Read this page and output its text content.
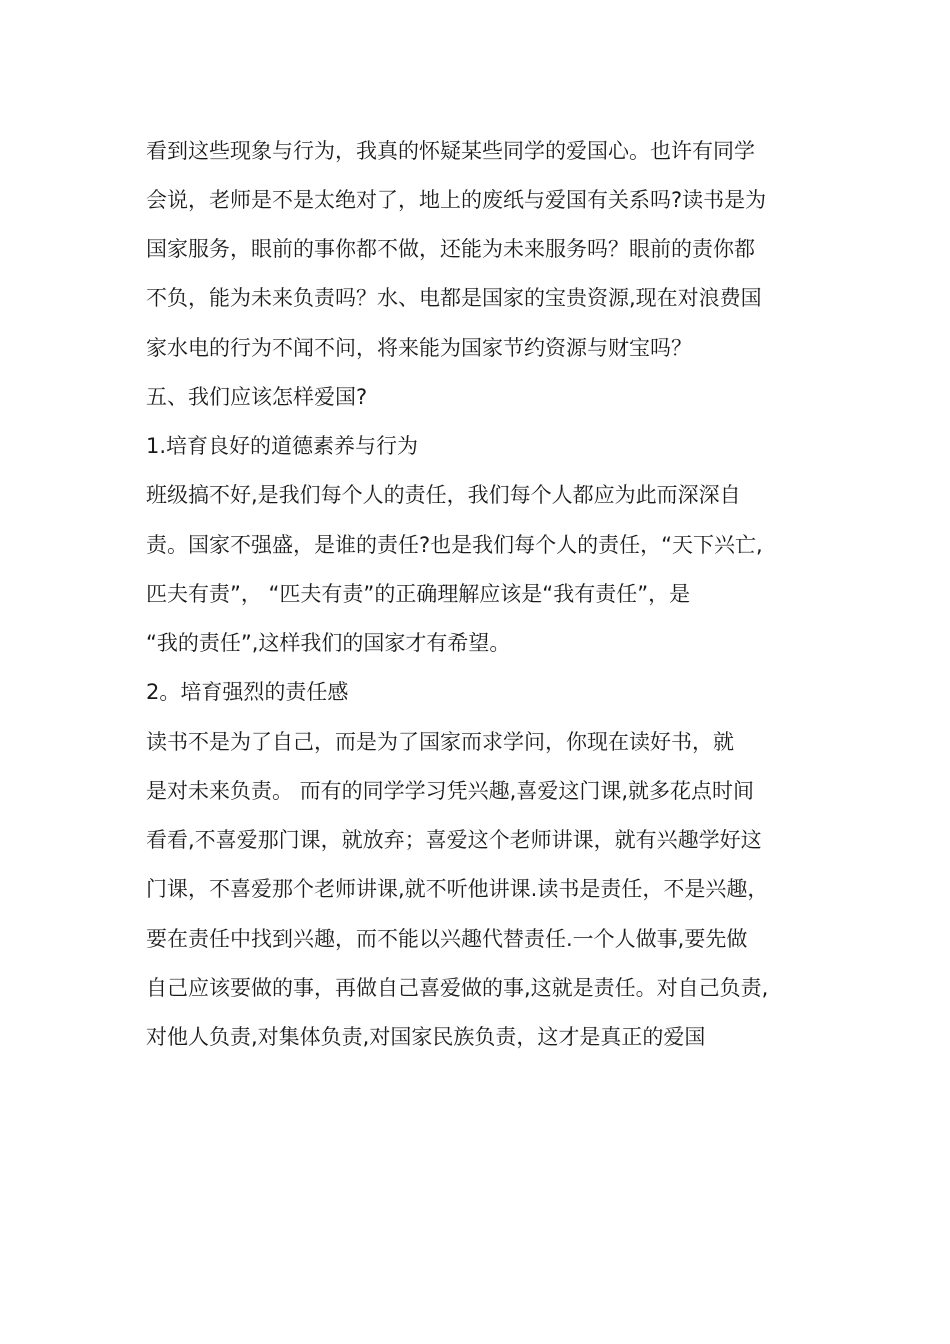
看到这些现象与行为，我真的怀疑某些同学的爱国心。也许有同学
会说，老师是不是太绝对了，地上的废纸与爱国有关系吗?读书是为
国家服务，眼前的事你都不做，还能为未来服务吗？眼前的责你都
不负，能为未来负责吗？水、电都是国家的宝贵资源,现在对浪费国
家水电的行为不闻不问，将来能为国家节约资源与财宝吗？
五、我们应该怎样爱国?
1.培育良好的道德素养与行为
班级搞不好,是我们每个人的责任，我们每个人都应为此而深深自
责。国家不强盛，是谁的责任?也是我们每个人的责任，“天下兴亡,
匹夫有责”， “匹夫有责”的正确理解应该是“我有责任”，是
“我的责任”,这样我们的国家才有希望。
2。培育强烈的责任感
读书不是为了自己，而是为了国家而求学问，你现在读好书，就
是对未来负责。 而有的同学学习凭兴趣,喜爱这门课,就多花点时间
看看,不喜爱那门课，就放弃；喜爱这个老师讲课，就有兴趣学好这
门课，不喜爱那个老师讲课,就不听他讲课.读书是责任，不是兴趣，
要在责任中找到兴趣，而不能以兴趣代替责任.一个人做事,要先做
自己应该要做的事，再做自己喜爱做的事,这就是责任。对自己负责,
对他人负责,对集体负责,对国家民族负责，这才是真正的爱国
